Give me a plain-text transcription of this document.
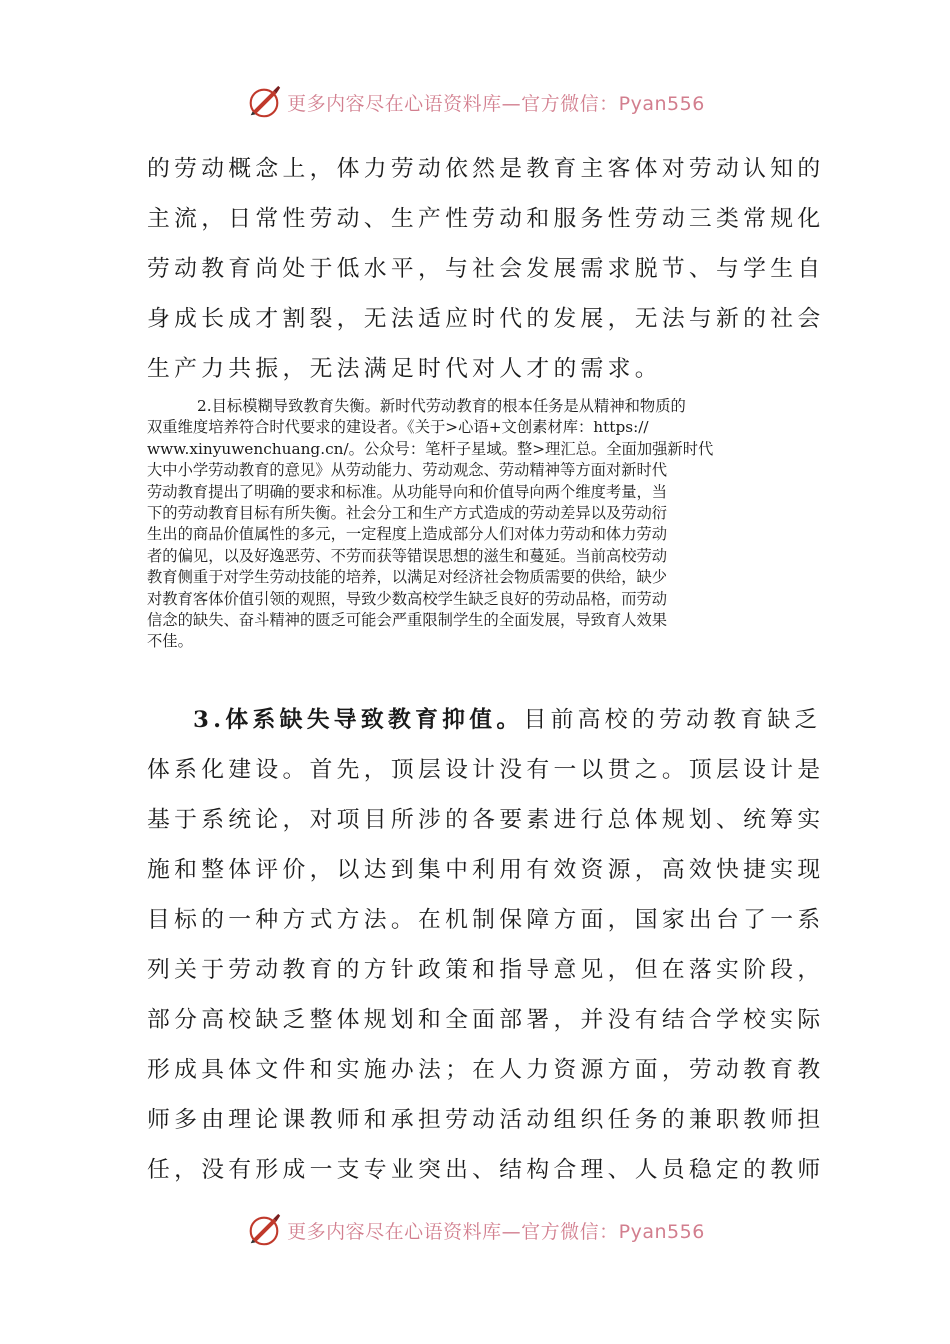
更多内容尽在心语资料库—官方微信：Pyan556
的劳动概念上，体力劳动依然是教育主客体对劳动认知的
主流，日常性劳动、生产性劳动和服务性劳动三类常规化
劳动教育尚处于低水平，与社会发展需求脱节、与学生自
身成长成才割裂，无法适应时代的发展，无法与新的社会
生产力共振，无法满足时代对人才的需求。
2.目标模糊导致教育失衡。新时代劳动教育的根本任务是从精神和物质的
双重维度培养符合时代要求的建设者。《关于>心语+文创素材库：https://
www.xinyuwenchuang.cn/。公众号：笔杆子星域。整>理汇总。全面加强新时代
大中小学劳动教育的意见》从劳动能力、劳动观念、劳动精神等方面对新时代
劳动教育提出了明确的要求和标准。从功能导向和价值导向两个维度考量，当
下的劳动教育目标有所失衡。社会分工和生产方式造成的劳动差异以及劳动衍
生出的商品价值属性的多元，一定程度上造成部分人们对体力劳动和体力劳动
者的偏见，以及好逸恶劳、不劳而获等错误思想的滋生和蔓延。当前高校劳动
教育侧重于对学生劳动技能的培养，以满足对经济社会物质需要的供给，缺少
对教育客体价值引领的观照，导致少数高校学生缺乏良好的劳动品格，而劳动
信念的缺失、奋斗精神的匮乏可能会严重限制学生的全面发展，导致育人效果
不佳。
3.体系缺失导致教育抑值。目前高校的劳动教育缺乏
体系化建设。首先，顶层设计没有一以贯之。顶层设计是
基于系统论，对项目所涉的各要素进行总体规划、统筹实
施和整体评价，以达到集中利用有效资源，高效快捷实现
目标的一种方式方法。在机制保障方面，国家出台了一系
列关于劳动教育的方针政策和指导意见，但在落实阶段，
部分高校缺乏整体规划和全面部署，并没有结合学校实际
形成具体文件和实施办法；在人力资源方面，劳动教育教
师多由理论课教师和承担劳动活动组织任务的兼职教师担
任，没有形成一支专业突出、结构合理、人员稳定的教师
更多内容尽在心语资料库—官方微信：Pyan556
